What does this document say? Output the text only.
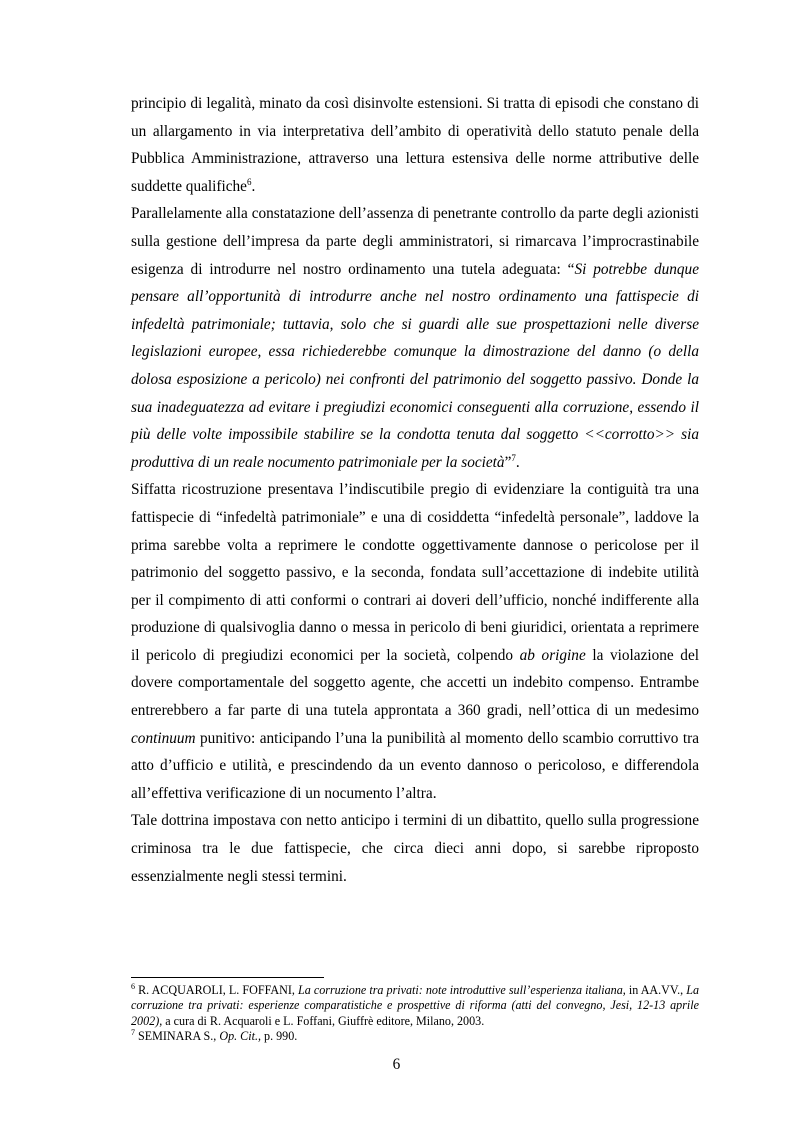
principio di legalità, minato da così disinvolte estensioni. Si tratta di episodi che constano di un allargamento in via interpretativa dell’ambito di operatività dello statuto penale della Pubblica Amministrazione, attraverso una lettura estensiva delle norme attributive delle suddette qualifiche$^6$.

Parallelamente alla constatazione dell’assenza di penetrante controllo da parte degli azionisti sulla gestione dell’impresa da parte degli amministratori, si rimarcava l’improcrastinabile esigenza di introdurre nel nostro ordinamento una tutela adeguata: “Si potrebbe dunque pensare all’opportunità di introdurre anche nel nostro ordinamento una fattispecie di infedeltà patrimoniale; tuttavia, solo che si guardi alle sue prospettazioni nelle diverse legislazioni europee, essa richiederebbe comunque la dimostrazione del danno (o della dolosa esposizione a pericolo) nei confronti del patrimonio del soggetto passivo. Donde la sua inadeguatezza ad evitare i pregiudizi economici conseguenti alla corruzione, essendo il più delle volte impossibile stabilire se la condotta tenuta dal soggetto <<corrotto>> sia produttiva di un reale nocumento patrimoniale per la società”$^7$.

Siffatta ricostruzione presentava l’indiscutibile pregio di evidenziare la contiguità tra una fattispecie di “infedeltà patrimoniale” e una di cosiddetta “infedeltà personale”, laddove la prima sarebbe volta a reprimere le condotte oggettivamente dannose o pericolose per il patrimonio del soggetto passivo, e la seconda, fondata sull’accettazione di indebite utilità per il compimento di atti conformi o contrari ai doveri dell’ufficio, nonché indifferente alla produzione di qualsivoglia danno o messa in pericolo di beni giuridici, orientata a reprimere il pericolo di pregiudizi economici per la società, colpendo ab origine la violazione del dovere comportamentale del soggetto agente, che accetti un indebito compenso. Entrambe entrerebbero a far parte di una tutela approntata a 360 gradi, nell’ottica di un medesimo continuum punitivo: anticipando l’una la punibilità al momento dello scambio corruttivo tra atto d’ufficio e utilità, e prescindendo da un evento dannoso o pericoloso, e differendola all’effettiva verificazione di un nocumento l’altra.

Tale dottrina impostava con netto anticipo i termini di un dibattito, quello sulla progressione criminosa tra le due fattispecie, che circa dieci anni dopo, si sarebbe riproposto essenzialmente negli stessi termini.

$^6$ R. ACQUAROLI, L. FOFFANI, La corruzione tra privati: note introduttive sull’esperienza italiana, in AA.VV., La corruzione tra privati: esperienze comparatistiche e prospettive di riforma (atti del convegno, Jesi, 12-13 aprile 2002), a cura di R. Acquaroli e L. Foffani, Giuffrè editore, Milano, 2003.

$^7$ SEMINARA S., Op. Cit., p. 990.

6
